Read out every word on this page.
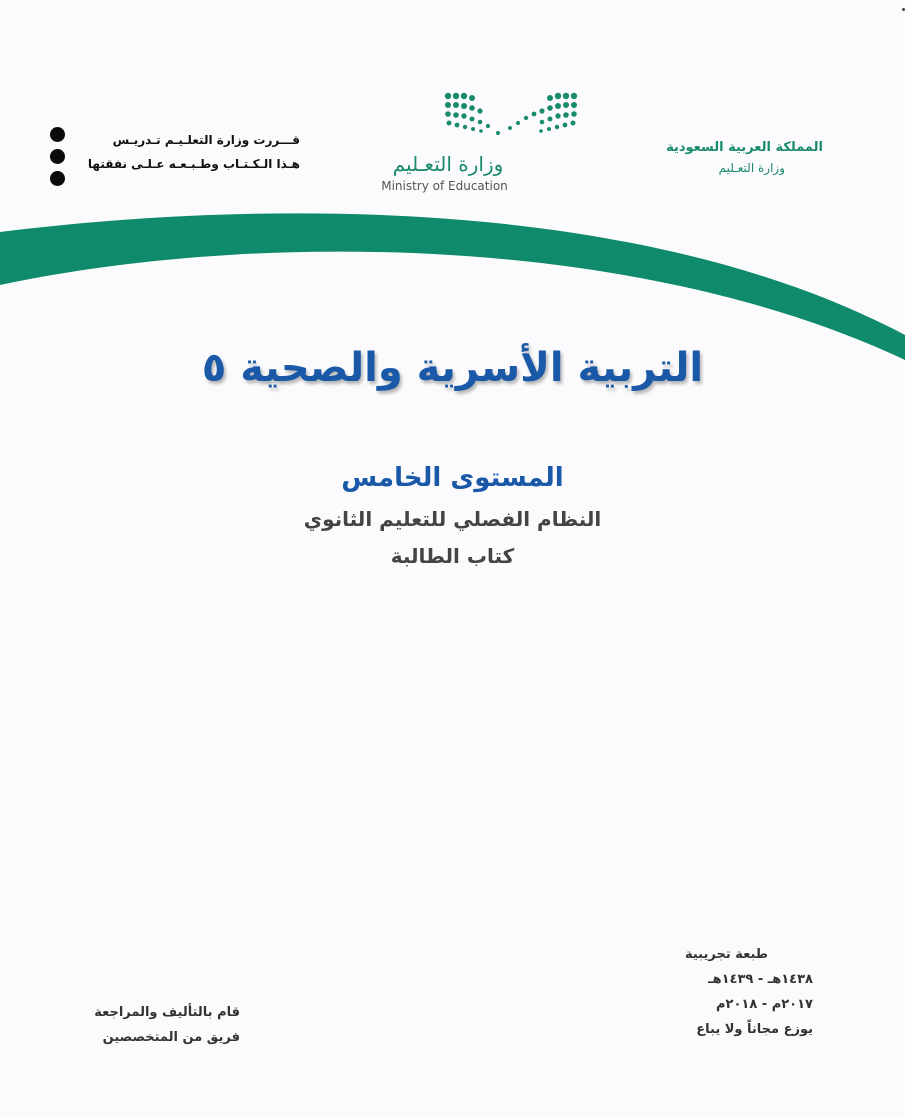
المملكة العربية السعودية
وزارة التعـليم
وزارة التعـليم
Ministry of Education
قـــررت وزارة التعلـيـم تـدريـس
هـذا الـكـتـاب وطـبـعـه عـلـى نفقتها
التربية الأسرية والصحية ٥
المستوى الخامس
النظام الفصلي للتعليم الثانوي
كتاب الطالبة
طبعة تجريبية
١٤٣٨هـ - ١٤٣٩هـ
٢٠١٧م - ٢٠١٨م
يوزع مجاناً ولا يباع
قام بالتأليف والمراجعة
فريق من المتخصصين
